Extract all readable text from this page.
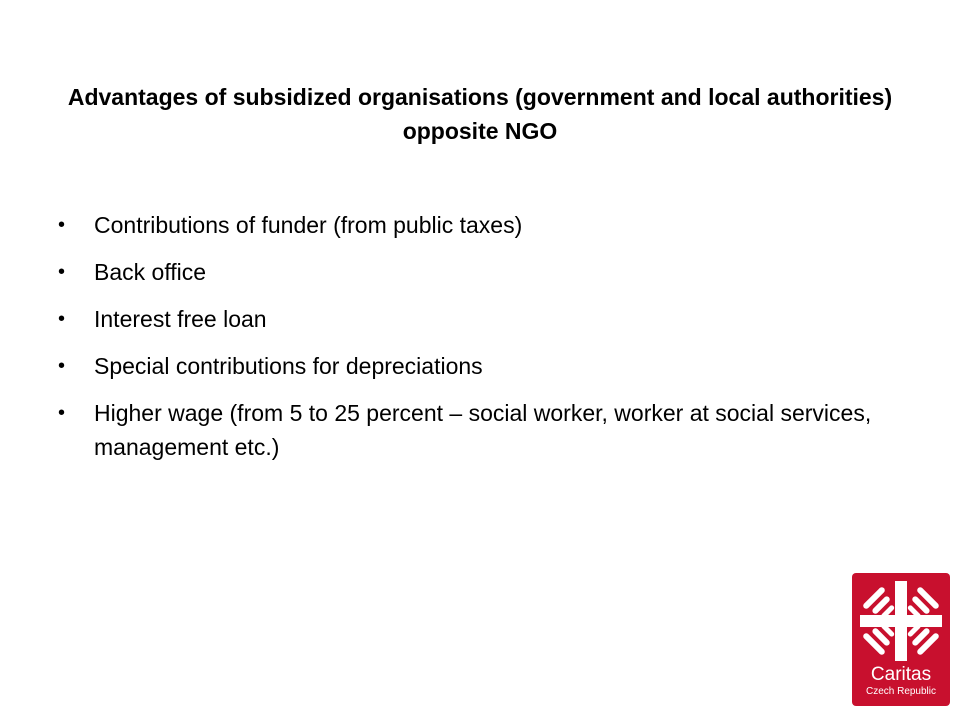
Advantages of subsidized organisations (government and local authorities) opposite NGO
• Contributions of funder (from public taxes)
• Back office
• Interest free loan
• Special contributions for depreciations
• Higher wage (from 5 to 25 percent – social worker, worker at social services, management etc.)
Caritas
Czech Republic
